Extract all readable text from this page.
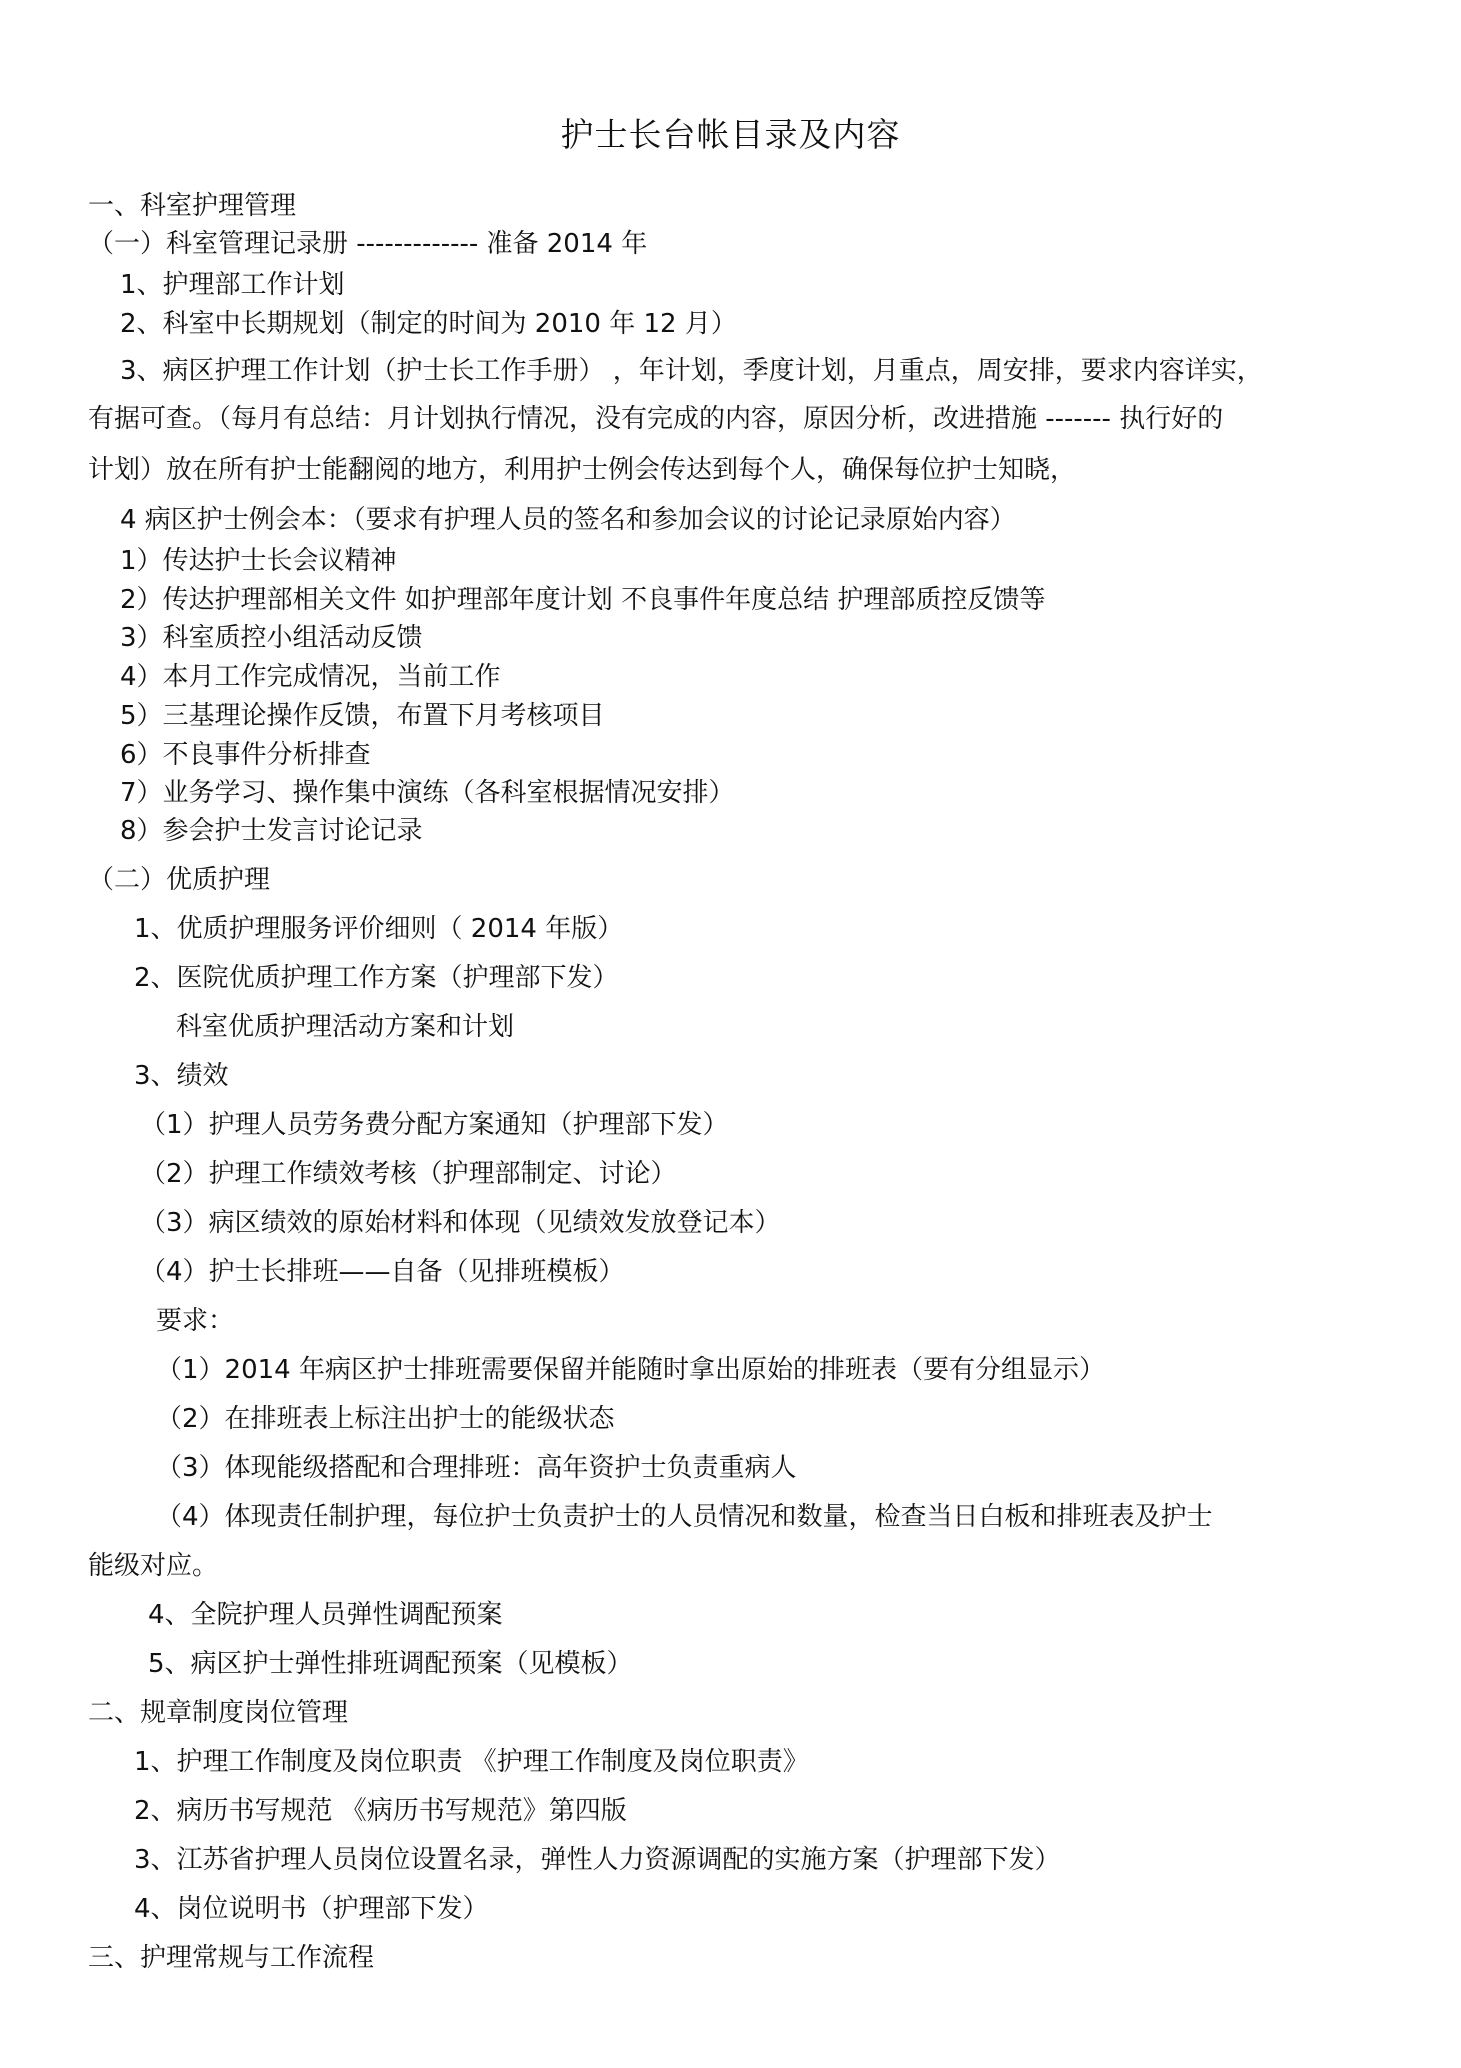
护士长台帐目录及内容
一、科室护理管理
（一）科室管理记录册 ------------- 准备 2014 年
1、护理部工作计划
2、科室中长期规划（制定的时间为 2010 年 12 月）
3、病区护理工作计划（护士长工作手册） ，年计划，季度计划，月重点，周安排，要求内容详实，
有据可查。（每月有总结：月计划执行情况，没有完成的内容，原因分析，改进措施 ------- 执行好的
计划）放在所有护士能翻阅的地方，利用护士例会传达到每个人，确保每位护士知晓，
4 病区护士例会本：（要求有护理人员的签名和参加会议的讨论记录原始内容）
1）传达护士长会议精神
2）传达护理部相关文件 如护理部年度计划 不良事件年度总结 护理部质控反馈等
3）科室质控小组活动反馈
4）本月工作完成情况，当前工作
5）三基理论操作反馈，布置下月考核项目
6）不良事件分析排查
7）业务学习、操作集中演练（各科室根据情况安排）
8）参会护士发言讨论记录
（二）优质护理
1、优质护理服务评价细则（ 2014 年版）
2、医院优质护理工作方案（护理部下发）
科室优质护理活动方案和计划
3、绩效
（1）护理人员劳务费分配方案通知（护理部下发）
（2）护理工作绩效考核（护理部制定、讨论）
（3）病区绩效的原始材料和体现（见绩效发放登记本）
（4）护士长排班——自备（见排班模板）
要求：
（1）2014 年病区护士排班需要保留并能随时拿出原始的排班表（要有分组显示）
（2）在排班表上标注出护士的能级状态
（3）体现能级搭配和合理排班：高年资护士负责重病人
（4）体现责任制护理，每位护士负责护士的人员情况和数量，检查当日白板和排班表及护士
能级对应。
4、全院护理人员弹性调配预案
5、病区护士弹性排班调配预案（见模板）
二、规章制度岗位管理
1、护理工作制度及岗位职责 《护理工作制度及岗位职责》
2、病历书写规范 《病历书写规范》第四版
3、江苏省护理人员岗位设置名录，弹性人力资源调配的实施方案（护理部下发）
4、岗位说明书（护理部下发）
三、护理常规与工作流程
